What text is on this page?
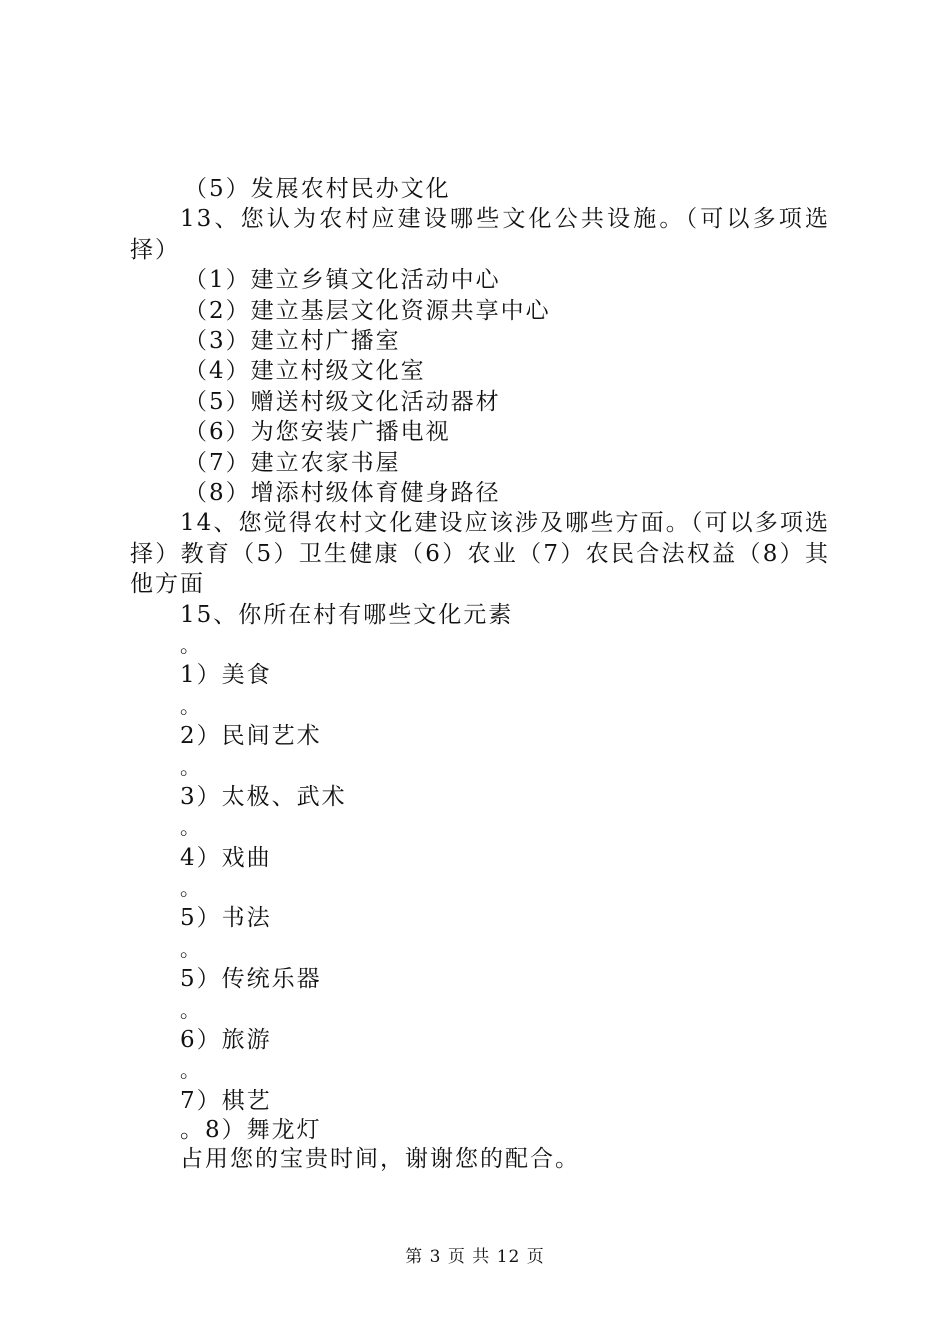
（5）发展农村民办文化
13、您认为农村应建设哪些文化公共设施。（可以多项选择）
（1）建立乡镇文化活动中心
（2）建立基层文化资源共享中心
（3）建立村广播室
（4）建立村级文化室
（5）赠送村级文化活动器材
（6）为您安装广播电视
（7）建立农家书屋
（8）增添村级体育健身路径
14、您觉得农村文化建设应该涉及哪些方面。（可以多项选择）教育（5）卫生健康（6）农业（7）农民合法权益（8）其他方面
15、你所在村有哪些文化元素
。
1）美食
。
2）民间艺术
。
3）太极、武术
。
4）戏曲
。
5）书法
。
5）传统乐器
。
6）旅游
。
7）棋艺
。8）舞龙灯
占用您的宝贵时间，谢谢您的配合。
第 3 页 共 12 页
